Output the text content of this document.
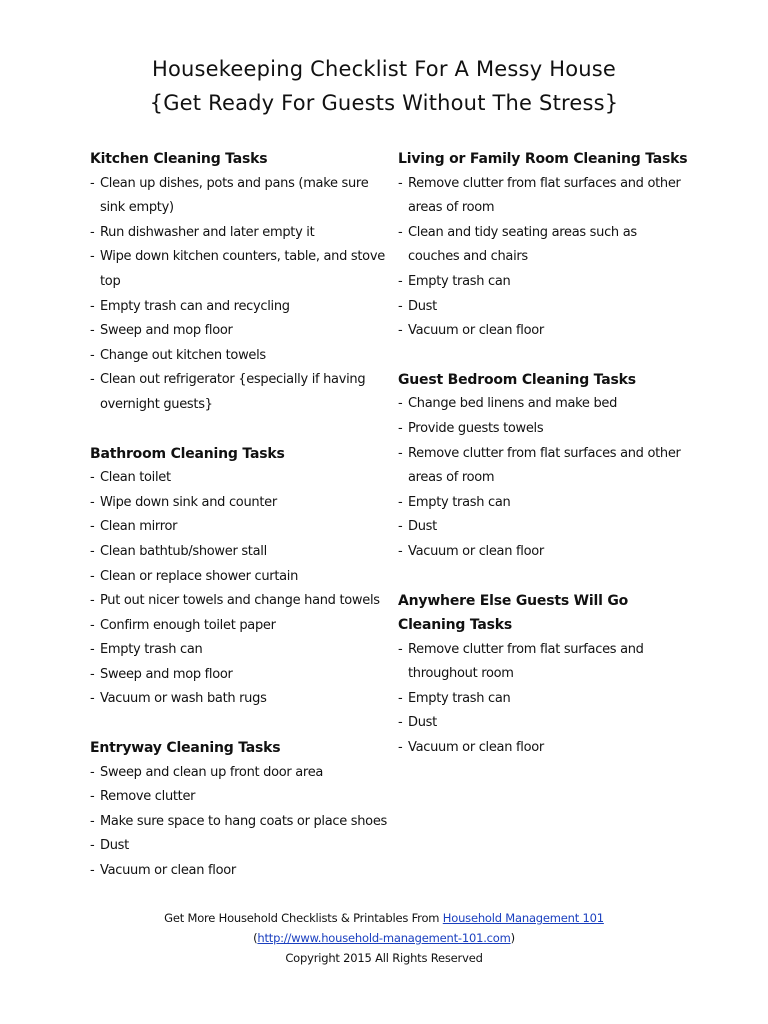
Housekeeping Checklist For A Messy House
{Get Ready For Guests Without The Stress}
Kitchen Cleaning Tasks
- Clean up dishes, pots and pans (make sure sink empty)
- Run dishwasher and later empty it
- Wipe down kitchen counters, table, and stove top
- Empty trash can and recycling
- Sweep and mop floor
- Change out kitchen towels
- Clean out refrigerator {especially if having overnight guests}
Bathroom Cleaning Tasks
- Clean toilet
- Wipe down sink and counter
- Clean mirror
- Clean bathtub/shower stall
- Clean or replace shower curtain
- Put out nicer towels and change hand towels
- Confirm enough toilet paper
- Empty trash can
- Sweep and mop floor
- Vacuum or wash bath rugs
Entryway Cleaning Tasks
- Sweep and clean up front door area
- Remove clutter
- Make sure space to hang coats or place shoes
- Dust
- Vacuum or clean floor
Living or Family Room Cleaning Tasks
- Remove clutter from flat surfaces and other areas of room
- Clean and tidy seating areas such as couches and chairs
- Empty trash can
- Dust
- Vacuum or clean floor
Guest Bedroom Cleaning Tasks
- Change bed linens and make bed
- Provide guests towels
- Remove clutter from flat surfaces and other areas of room
- Empty trash can
- Dust
- Vacuum or clean floor
Anywhere Else Guests Will Go Cleaning Tasks
- Remove clutter from flat surfaces and throughout room
- Empty trash can
- Dust
- Vacuum or clean floor
Get More Household Checklists & Printables From Household Management 101
(http://www.household-management-101.com)
Copyright 2015 All Rights Reserved
